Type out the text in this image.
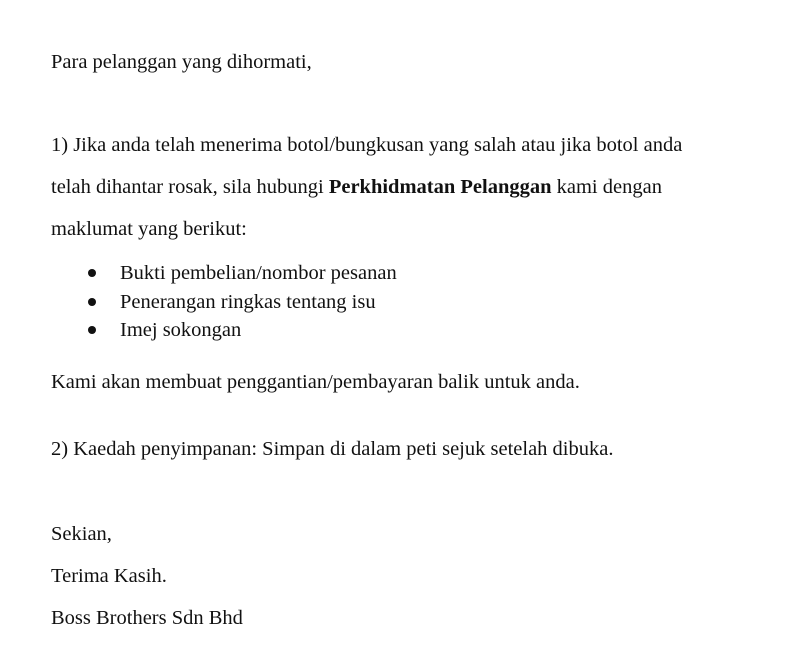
Para pelanggan yang dihormati,
1) Jika anda telah menerima botol/bungkusan yang salah atau jika botol anda
telah dihantar rosak, sila hubungi Perkhidmatan Pelanggan kami dengan
maklumat yang berikut:
Bukti pembelian/nombor pesanan
Penerangan ringkas tentang isu
Imej sokongan
Kami akan membuat penggantian/pembayaran balik untuk anda.
2) Kaedah penyimpanan: Simpan di dalam peti sejuk setelah dibuka.
Sekian,
Terima Kasih.
Boss Brothers Sdn Bhd
